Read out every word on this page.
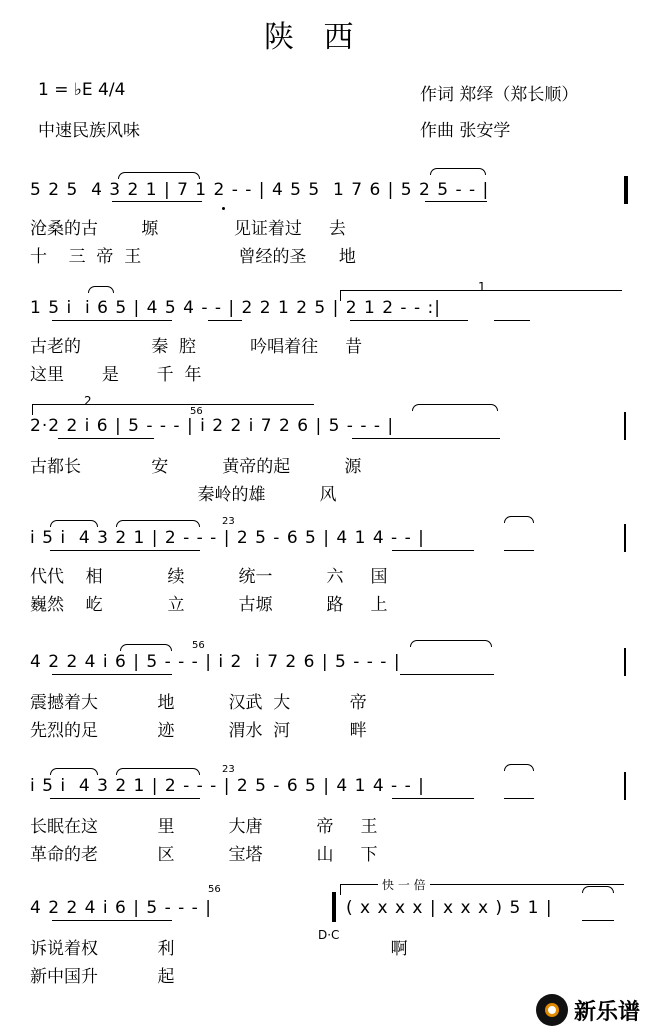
陕 西
1 = ♭E 4/4
中速民族风味
作词 郑绎（郑长顺）
作曲 张安学
5 2 5  4 3 2 1 | 7 1 2 - - | 4 5 5  1 7 6 | 5 2 5 - - |
沧桑的古        塬              见证着过     去
十    三  帝  王                  曾经的圣      地
1 5 i  i 6 5 | 4 5 4 - - | 2 2 1 2 5 | 2 1 2 - - :|
1
古老的             秦  腔          吟唱着往     昔
这里       是       千  年
2·2 2 i 6 | 5 - - - | i 2 2 i 7 2 6 | 5 - - - |
2
56
古都长             安          黄帝的起          源
秦岭的雄          风
i 5 i  4 3 2 1 | 2 - - - | 2 5 - 6 5 | 4 1 4 - - |
23
代代    相            续          统一          六     国
巍然    屹            立          古塬          路     上
4 2 2 4 i 6 | 5 - - - | i 2  i 7 2 6 | 5 - - - |
56
震撼着大           地          汉武  大           帝
先烈的足           迹          渭水  河           畔
i 5 i  4 3 2 1 | 2 - - - | 2 5 - 6 5 | 4 1 4 - - |
23
长眠在这           里          大唐          帝     王
革命的老           区          宝塔          山     下
4 2 2 4 i 6 | 5 - - - |
56	快 一 倍
( x x x x | x x x ) 5 1 |
D·C
诉说着权           利                                        啊
新中国升           起
新乐谱
